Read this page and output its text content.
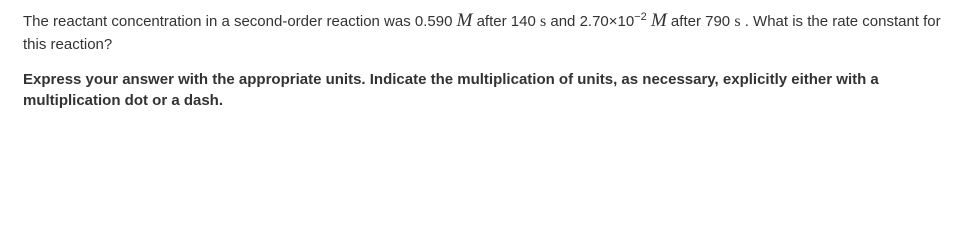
The reactant concentration in a second-order reaction was 0.590 M after 140 s and $2.70\times 10^{-2}$ M after 790 s . What is the rate constant for this reaction?

Express your answer with the appropriate units. Indicate the multiplication of units, as necessary, explicitly either with a multiplication dot or a dash.
